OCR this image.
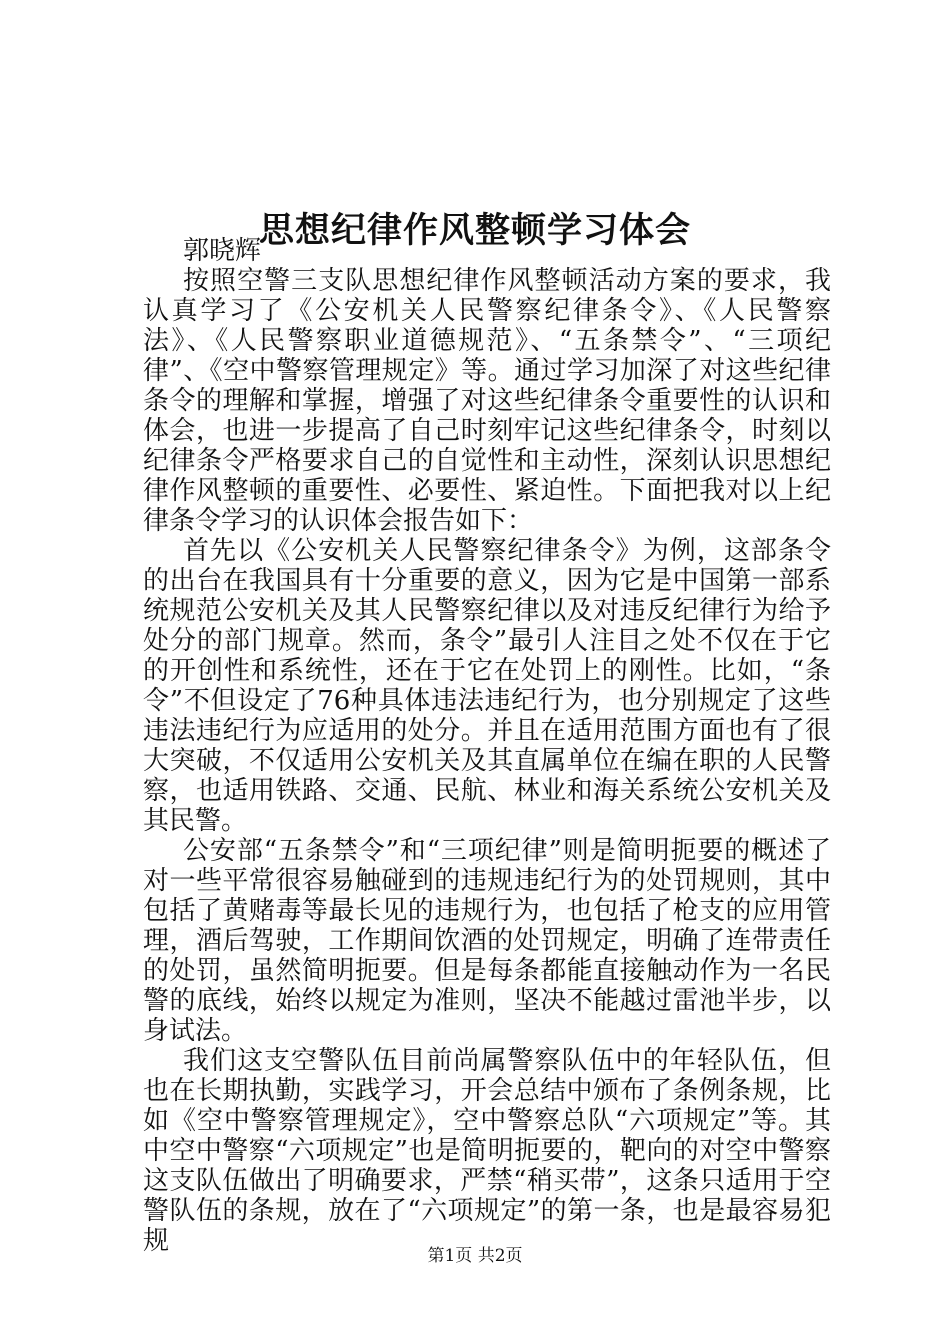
思想纪律作风整顿学习体会

郭晓辉

按照空警三支队思想纪律作风整顿活动方案的要求，我认真学习了《公安机关人民警察纪律条令》、《人民警察法》、《人民警察职业道德规范》、“五条禁令”、“三项纪律”、《空中警察管理规定》等。通过学习加深了对这些纪律条令的理解和掌握，增强了对这些纪律条令重要性的认识和体会，也进一步提高了自己时刻牢记这些纪律条令，时刻以纪律条令严格要求自己的自觉性和主动性，深刻认识思想纪律作风整顿的重要性、必要性、紧迫性。下面把我对以上纪律条令学习的认识体会报告如下：

首先以《公安机关人民警察纪律条令》为例，这部条令的出台在我国具有十分重要的意义，因为它是中国第一部系统规范公安机关及其人民警察纪律以及对违反纪律行为给予处分的部门规章。然而，条令”最引人注目之处不仅在于它的开创性和系统性，还在于它在处罚上的刚性。比如，“条令”不但设定了76种具体违法违纪行为，也分别规定了这些违法违纪行为应适用的处分。并且在适用范围方面也有了很大突破，不仅适用公安机关及其直属单位在编在职的人民警察，也适用铁路、交通、民航、林业和海关系统公安机关及其民警。

公安部“五条禁令”和“三项纪律”则是简明扼要的概述了对一些平常很容易触碰到的违规违纪行为的处罚规则，其中包括了黄赌毒等最长见的违规行为，也包括了枪支的应用管理，酒后驾驶，工作期间饮酒的处罚规定，明确了连带责任的处罚，虽然简明扼要。但是每条都能直接触动作为一名民警的底线，始终以规定为准则，坚决不能越过雷池半步，以身试法。

我们这支空警队伍目前尚属警察队伍中的年轻队伍，但也在长期执勤，实践学习，开会总结中颁布了条例条规，比如《空中警察管理规定》，空中警察总队“六项规定”等。其中空中警察“六项规定”也是简明扼要的，靶向的对空中警察这支队伍做出了明确要求，严禁“稍买带”，这条只适用于空警队伍的条规，放在了“六项规定”的第一条，也是最容易犯规	第1页 共2页
